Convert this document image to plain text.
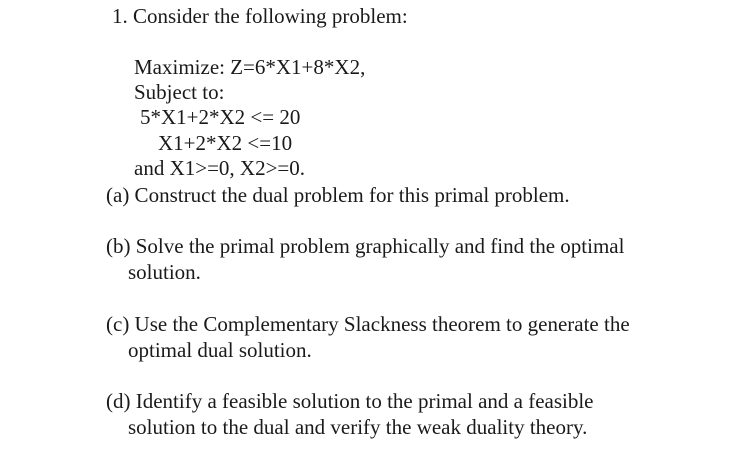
1. Consider the following problem:
Maximize: Z=6*X1+8*X2,
Subject to:
5*X1+2*X2 <= 20
X1+2*X2 <=10
and X1>=0, X2>=0.
(a) Construct the dual problem for this primal problem.
(b) Solve the primal problem graphically and find the optimal
solution.
(c) Use the Complementary Slackness theorem to generate the
optimal dual solution.
(d) Identify a feasible solution to the primal and a feasible
solution to the dual and verify the weak duality theory.
